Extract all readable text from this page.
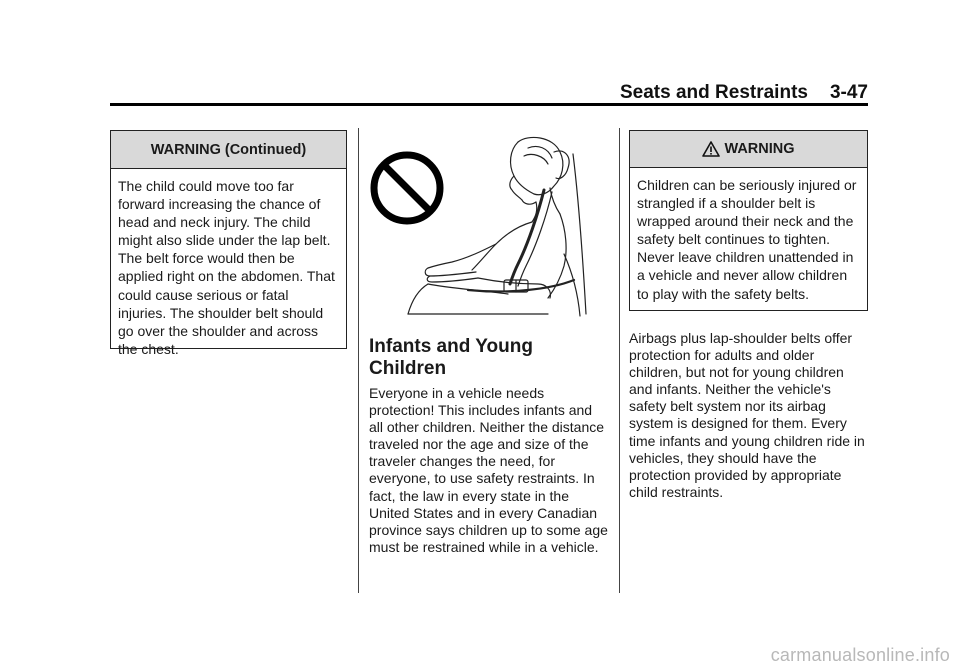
Seats and Restraints 3-47
WARNING (Continued)
The child could move too far forward increasing the chance of head and neck injury. The child might also slide under the lap belt. The belt force would then be applied right on the abdomen. That could cause serious or fatal injuries. The shoulder belt should go over the shoulder and across the chest.	Infants and Young Children
Everyone in a vehicle needs protection! This includes infants and all other children. Neither the distance traveled nor the age and size of the traveler changes the need, for everyone, to use safety restraints. In fact, the law in every state in the United States and in every Canadian province says children up to some age must be restrained while in a vehicle.
WARNING
Children can be seriously injured or strangled if a shoulder belt is wrapped around their neck and the safety belt continues to tighten. Never leave children unattended in a vehicle and never allow children to play with the safety belts.
Airbags plus lap-shoulder belts offer protection for adults and older children, but not for young children and infants. Neither the vehicle's safety belt system nor its airbag system is designed for them. Every time infants and young children ride in vehicles, they should have the protection provided by appropriate child restraints.
carmanualsonline.info
